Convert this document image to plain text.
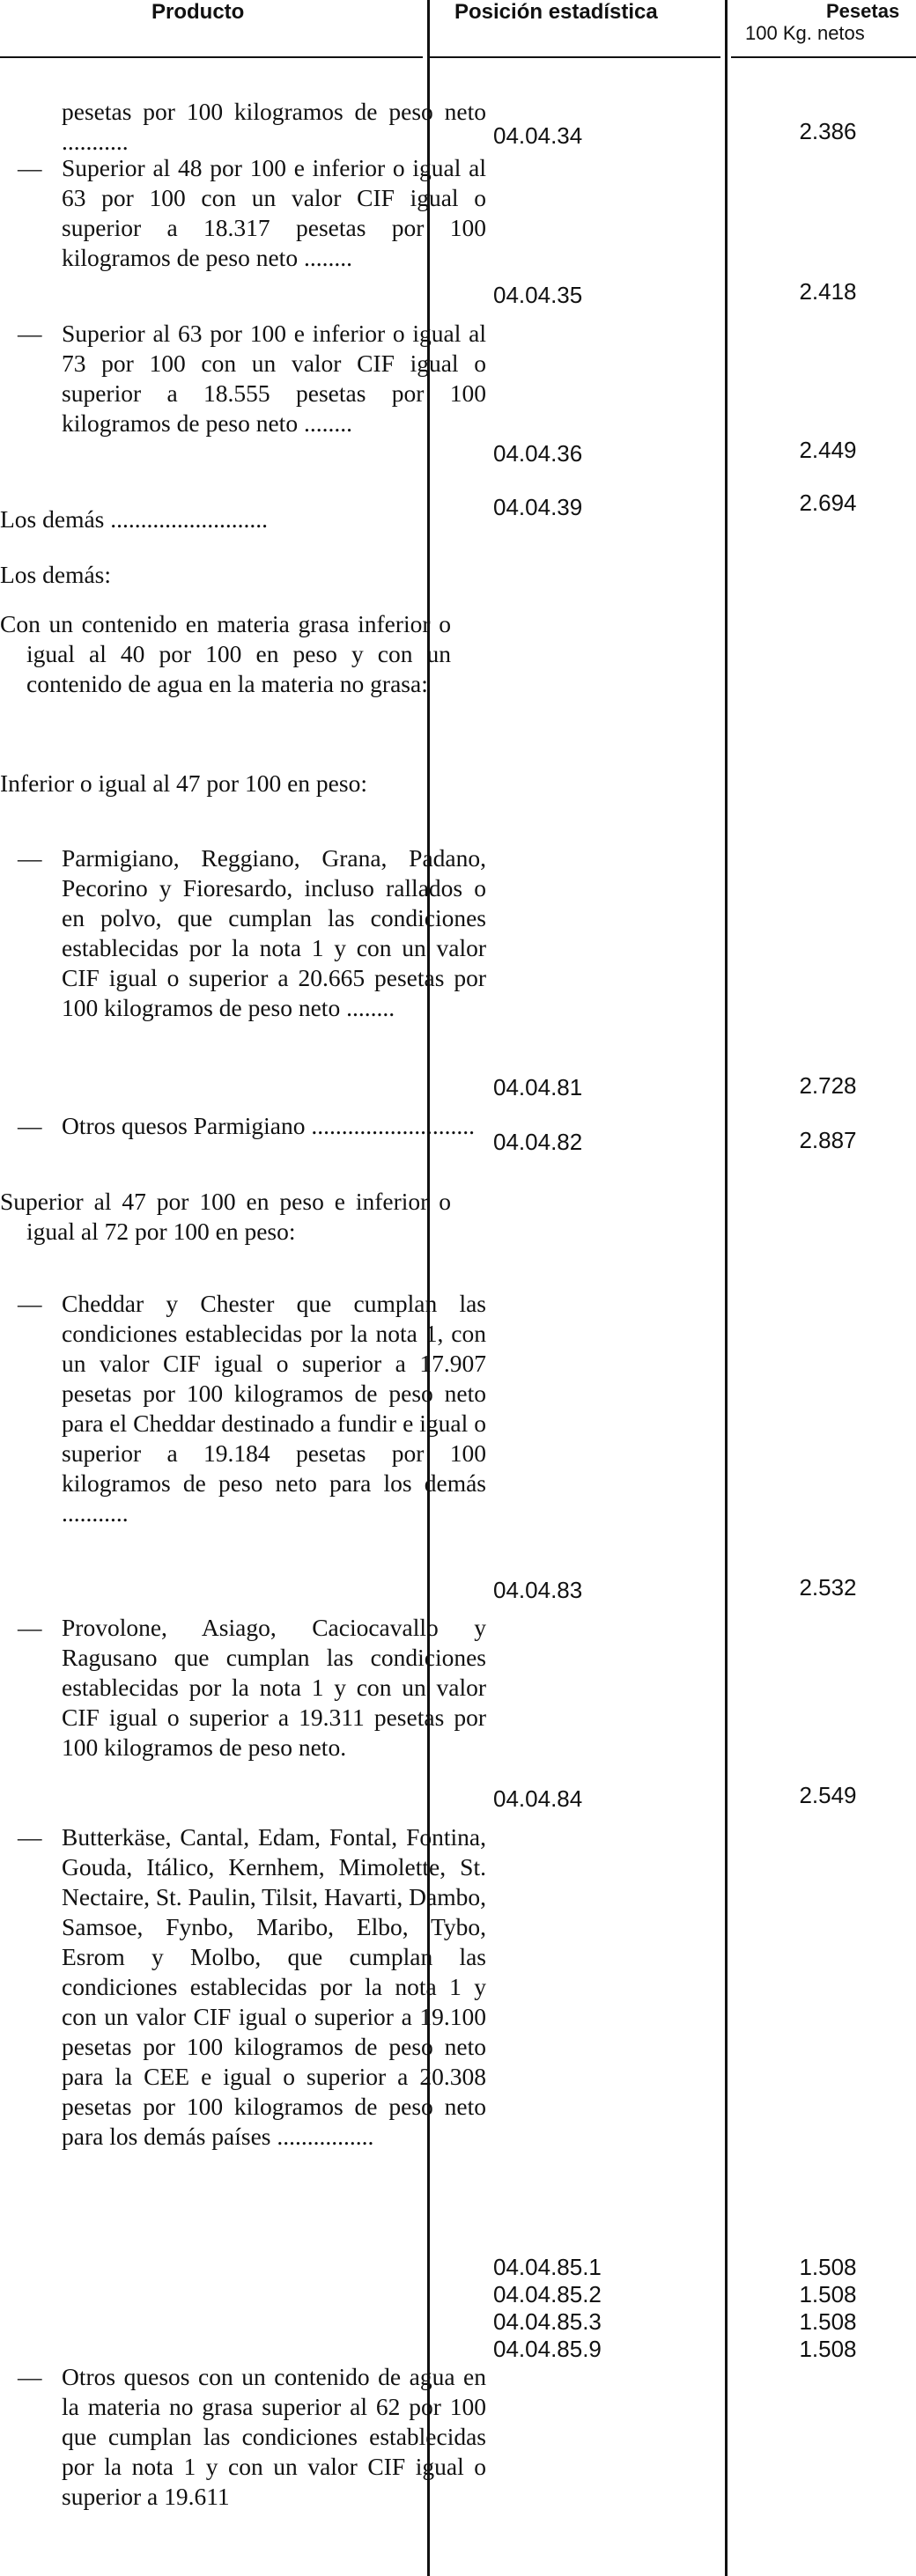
Producto	Posición estadística	Pesetas
100 Kg. netos
pesetas por 100 kilogramos de peso neto ...........
— Superior al 48 por 100 e inferior o igual al 63 por 100 con un valor CIF igual o superior a 18.317 pesetas por 100 kilogramos de peso neto ........
— Superior al 63 por 100 e inferior o igual al 73 por 100 con un valor CIF igual o superior a 18.555 pesetas por 100 kilogramos de peso neto ........
Los demás ..........................
Los demás:
Con un contenido en materia grasa inferior o igual al 40 por 100 en peso y con un contenido de agua en la materia no grasa:
Inferior o igual al 47 por 100 en peso:
— Parmigiano, Reggiano, Grana, Padano, Pecorino y Fioresardo, incluso rallados o en polvo, que cumplan las condiciones establecidas por la nota 1 y con un valor CIF igual o superior a 20.665 pesetas por 100 kilogramos de peso neto ........
— Otros quesos Parmigiano ...........................
Superior al 47 por 100 en peso e inferior o igual al 72 por 100 en peso:
— Cheddar y Chester que cumplan las condiciones establecidas por la nota 1, con un valor CIF igual o superior a 17.907 pesetas por 100 kilogramos de peso neto para el Cheddar destinado a fundir e igual o superior a 19.184 pesetas por 100 kilogramos de peso neto para los demás ...........
— Provolone, Asiago, Caciocavallo y Ragusano que cumplan las condiciones establecidas por la nota 1 y con un valor CIF igual o superior a 19.311 pesetas por 100 kilogramos de peso neto.
— Butterkäse, Cantal, Edam, Fontal, Fontina, Gouda, Itálico, Kernhem, Mimolette, St. Nectaire, St. Paulin, Tilsit, Havarti, Dambo, Samsoe, Fynbo, Maribo, Elbo, Tybo, Esrom y Molbo, que cumplan las condiciones establecidas por la nota 1 y con un valor CIF igual o superior a 19.100 pesetas por 100 kilogramos de peso neto para la CEE e igual o superior a 20.308 pesetas por 100 kilogramos de peso neto para los demás países ................
— Otros quesos con un contenido de agua en la materia no grasa superior al 62 por 100 que cumplan las condiciones establecidas por la nota 1 y con un valor CIF igual o superior a 19.611
04.04.34
04.04.35
04.04.36
04.04.39
04.04.81
04.04.82
04.04.83
04.04.84
04.04.85.1
04.04.85.2
04.04.85.3
04.04.85.9
2.386
2.418
2.449
2.694
2.728
2.887
2.532
2.549
1.508
1.508
1.508
1.508
